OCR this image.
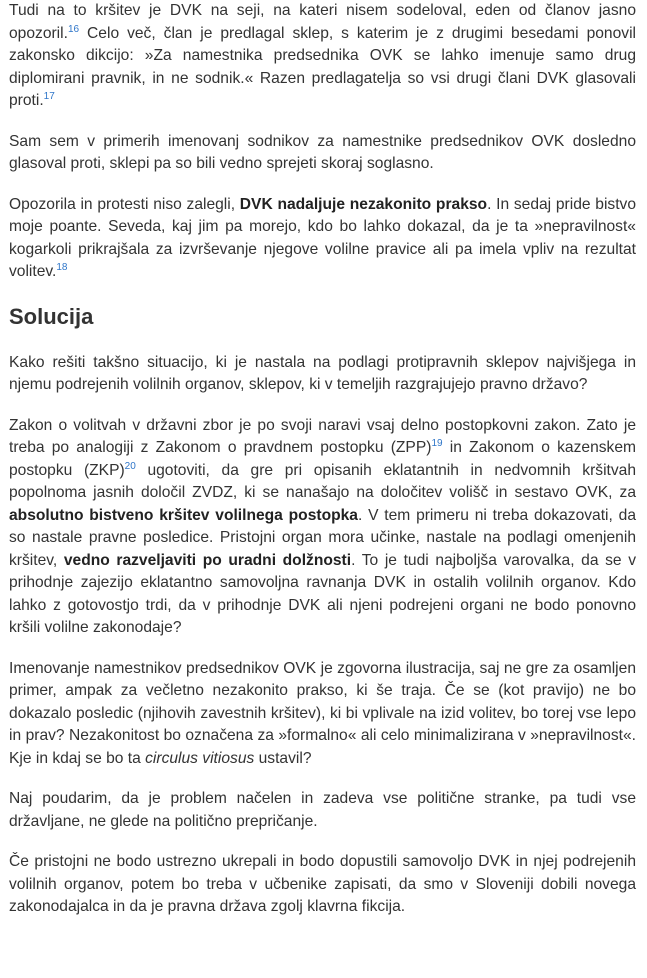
Tudi na to kršitev je DVK na seji, na kateri nisem sodeloval, eden od članov jasno opozoril.$^{16}$ Celo več, član je predlagal sklep, s katerim je z drugimi besedami ponovil zakonsko dikcijo: »Za namestnika predsednika OVK se lahko imenuje samo drug diplomirani pravnik, in ne sodnik.« Razen predlagatelja so vsi drugi člani DVK glasovali proti.$^{17}$

Sam sem v primerih imenovanj sodnikov za namestnike predsednikov OVK dosledno glasoval proti, sklepi pa so bili vedno sprejeti skoraj soglasno.

Opozorila in protesti niso zalegli, DVK nadaljuje nezakonito prakso. In sedaj pride bistvo moje poante. Seveda, kaj jim pa morejo, kdo bo lahko dokazal, da je ta »nepravilnost« kogarkoli prikrajšala za izvrševanje njegove volilne pravice ali pa imela vpliv na rezultat volitev.$^{18}$

Solucija

Kako rešiti takšno situacijo, ki je nastala na podlagi protipravnih sklepov najvišjega in njemu podrejenih volilnih organov, sklepov, ki v temeljih razgrajujejo pravno državo?

Zakon o volitvah v državni zbor je po svoji naravi vsaj delno postopkovni zakon. Zato je treba po analogiji z Zakonom o pravdnem postopku (ZPP)$^{19}$ in Zakonom o kazenskem postopku (ZKP)$^{20}$ ugotoviti, da gre pri opisanih eklatantnih in nedvomnih kršitvah popolnoma jasnih določil ZVDZ, ki se nanašajo na določitev volišč in sestavo OVK, za absolutno bistveno kršitev volilnega postopka. V tem primeru ni treba dokazovati, da so nastale pravne posledice. Pristojni organ mora učinke, nastale na podlagi omenjenih kršitev, vedno razveljaviti po uradni dolžnosti. To je tudi najboljša varovalka, da se v prihodnje zajezijo eklatantno samovoljna ravnanja DVK in ostalih volilnih organov. Kdo lahko z gotovostjo trdi, da v prihodnje DVK ali njeni podrejeni organi ne bodo ponovno kršili volilne zakonodaje?

Imenovanje namestnikov predsednikov OVK je zgovorna ilustracija, saj ne gre za osamljen primer, ampak za večletno nezakonito prakso, ki še traja. Če se (kot pravijo) ne bo dokazalo posledic (njihovih zavestnih kršitev), ki bi vplivale na izid volitev, bo torej vse lepo in prav? Nezakonitost bo označena za »formalno« ali celo minimalizirana v »nepravilnost«. Kje in kdaj se bo ta circulus vitiosus ustavil?

Naj poudarim, da je problem načelen in zadeva vse politične stranke, pa tudi vse državljane, ne glede na politično prepričanje.

Če pristojni ne bodo ustrezno ukrepali in bodo dopustili samovoljo DVK in njej podrejenih volilnih organov, potem bo treba v učbenike zapisati, da smo v Sloveniji dobili novega zakonodajalca in da je pravna država zgolj klavrna fikcija.
